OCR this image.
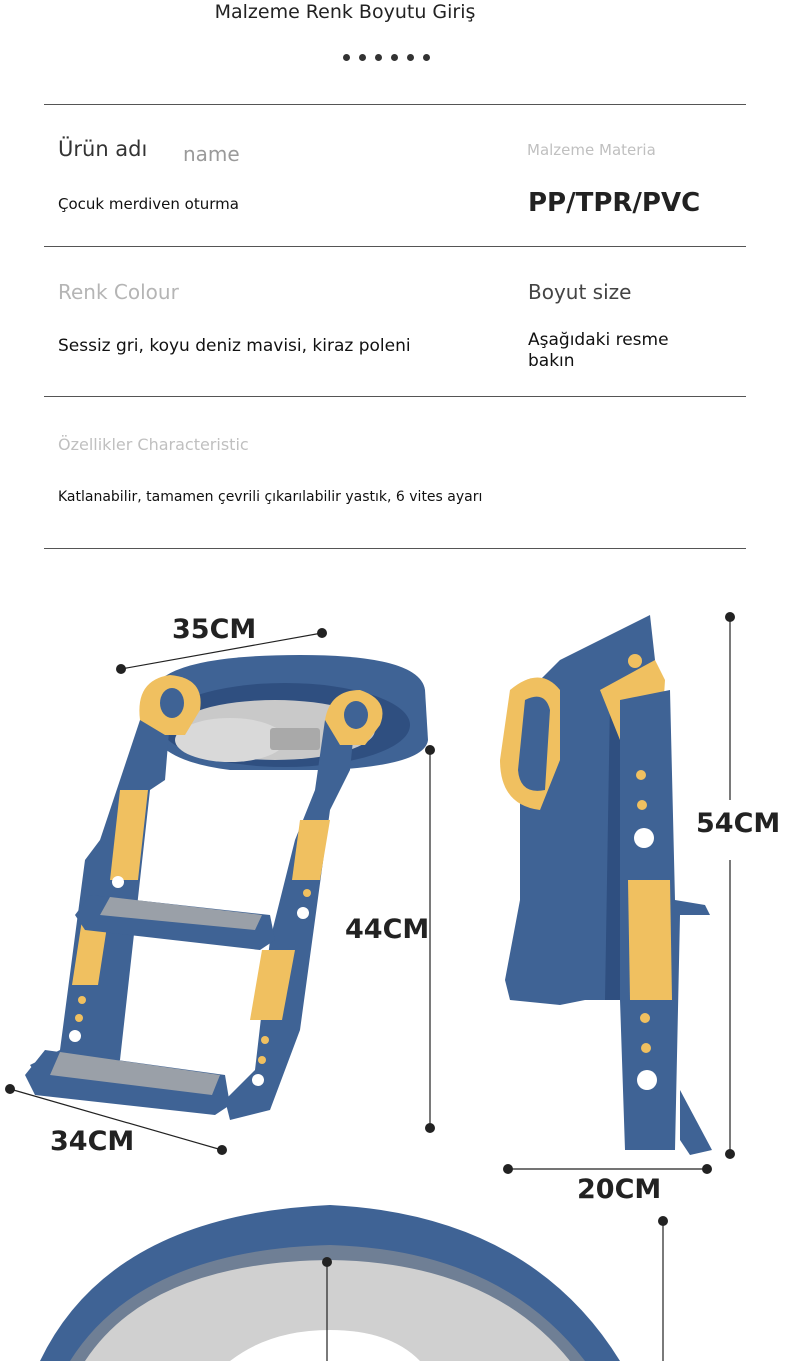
Malzeme Renk Boyutu Giriş
Ürün adı name	Malzeme Materia
Çocuk merdiven oturma	PP/TPR/PVC
Renk Colour	Boyut size
Sessiz gri, koyu deniz mavisi, kiraz poleni	Aşağıdaki resme
bakın
Özellikler Characteristic
Katlanabilir, tamamen çevrili çıkarılabilir yastık, 6 vites ayarı
35CM
34CM
44CM
54CM
20CM
